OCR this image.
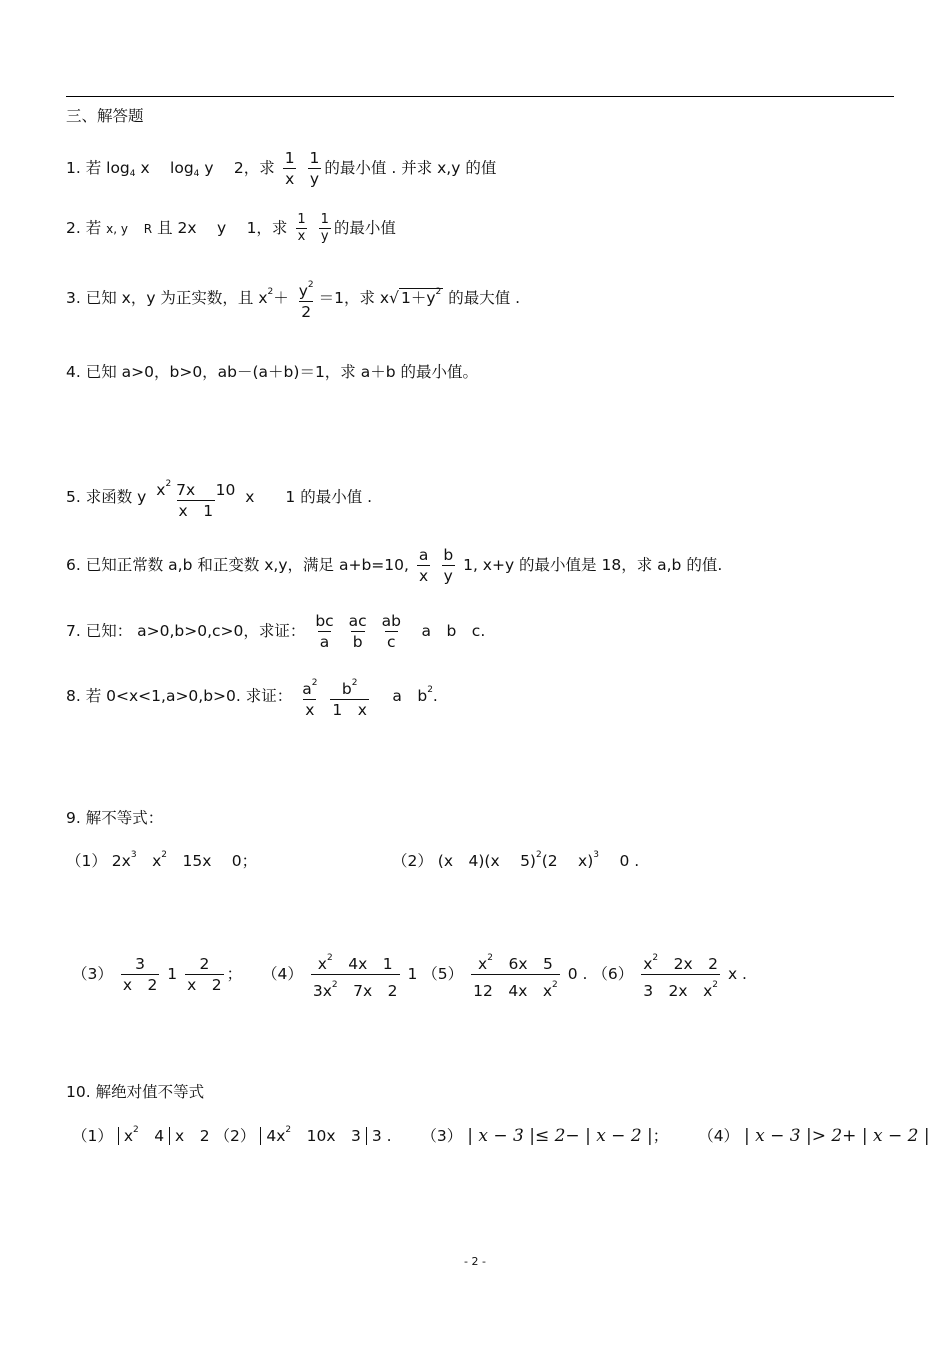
三、解答题
1. 若 $\log_4 x$　 $\log_4 y$　 2，求 $\frac{1}{x}$
$\frac{1}{y}$ 的最小值 . 并求 x,y 的值
2. 若 x, y　 R 且 2x　 y　 1，求 $\frac{1}{x}$
$\frac{1}{y}$ 的最小值
3. 已知 x，y 为正实数，且 $x^2+ \frac{y^2}{2} =1$，求 x√ $1+y^2$ 的最大值 .
4. 已知 a>0，b>0，ab－(a＋b)＝1，求 a＋b 的最小值。
5. 求函数 y $\frac{x^2 7x 10}{x 1}$ x　　1 的最小值 .
6. 已知正常数 a,b 和正变数 x,y，满足 a+b=10, $\frac{a}{x}$
$\frac{b}{y} 1$, x+y 的最小值是 18，求 a,b 的值.
7. 已知： a>0,b>0,c>0，求证： $\frac{bc}{a}$
$\frac{ac}{b}$
$\frac{ab}{c}$ 　a　b　c.
8. 若 0<x<1,a>0,b>0. 求证： $\frac{a^2}{x}$
$\frac{b^2}{1 x}$ 　 a　$b^2$.
9. 解不等式：
（1） $2x^3$　$x^2$　15x　 0；	（2） (x　4)(x　 5)$^2$(2　 x)$^3$　 0 .
$(3) \frac{3}{x 2} 1 \frac{2}{x 2}$ ； $(4) \frac{x^2 4x 1}{3x^2 7x 2} 1$ $(5) \frac{x^2 6x 5}{12 4x x^2} 0$ . $(6) \frac{x^2 2x 2}{3 2x x^2}$ x .
10. 解绝对值不等式
（1） $x^2$　4 x　2 （2） $4x^2$　10x　3 3 . （3） | x − 3 |≤ 2− | x − 2 |； （4） | x − 3 |> 2+ | x − 2 |
- 2 -
